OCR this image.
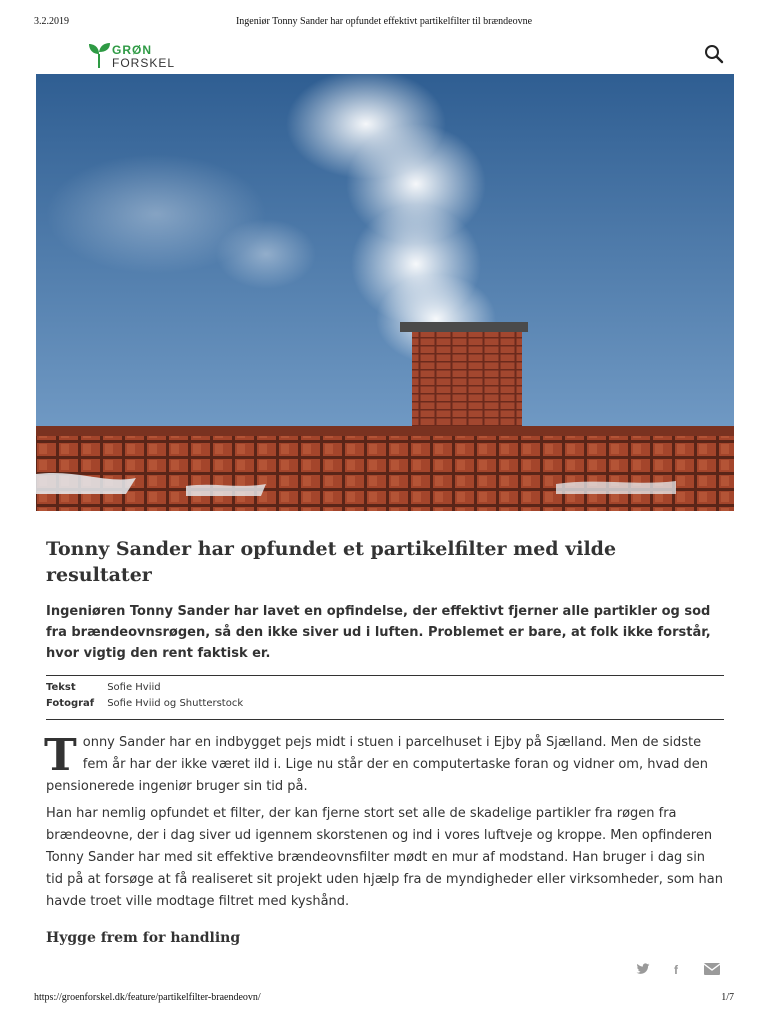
3.2.2019	Ingeniør Tonny Sander har opfundet effektivt partikelfilter til brændeovne
GRØN
FORSKEL
Tonny Sander har opfundet et partikelfilter med vilde resultater

Ingeniøren Tonny Sander har lavet en opfindelse, der effektivt fjerner alle partikler og sod fra brændeovnsrøgen, så den ikke siver ud i luften. Problemet er bare, at folk ikke forstår, hvor vigtig den rent faktisk er.

Tekst	Sofie Hviid
Fotograf Sofie Hviid og Shutterstock

Tonny Sander har en indbygget pejs midt i stuen i parcelhuset i Ejby på Sjælland. Men de sidste fem år har der ikke været ild i. Lige nu står der en computertaske foran og vidner om, hvad den pensionerede ingeniør bruger sin tid på.

Han har nemlig opfundet et filter, der kan fjerne stort set alle de skadelige partikler fra røgen fra brændeovne, der i dag siver ud igennem skorstenen og ind i vores luftveje og kroppe. Men opfinderen Tonny Sander har med sit effektive brændeovnsfilter mødt en mur af modstand. Han bruger i dag sin tid på at forsøge at få realiseret sit projekt uden hjælp fra de myndigheder eller virksomheder, som han havde troet ville modtage filtret med kyshånd.

Hygge frem for handling
f
https://groenforskel.dk/feature/partikelfilter-braendeovn/	1/7
